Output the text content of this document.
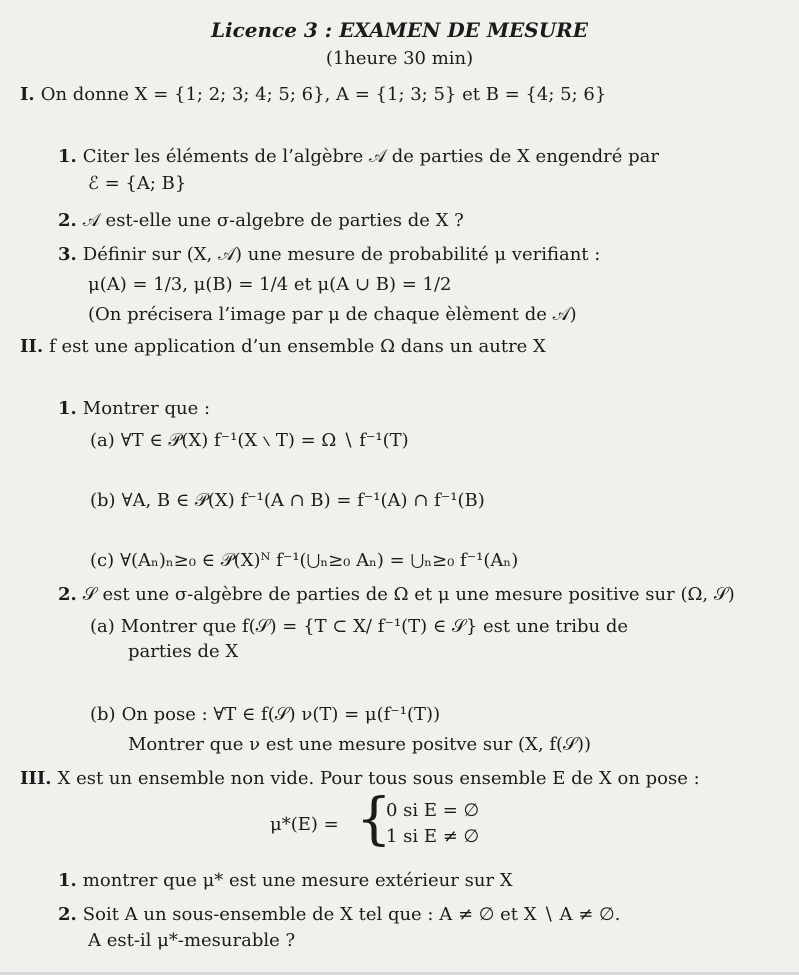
Licence 3 : EXAMEN DE MESURE
(1heure 30 min)
I. On donne X = {1; 2; 3; 4; 5; 6}, A = {1; 3; 5} et B = {4; 5; 6}
1. Citer les éléments de l’algèbre 𝒜 de parties de X engendré par
ℰ = {A; B}
2. 𝒜 est-elle une σ-algebre de parties de X ?
3. Définir sur (X, 𝒜) une mesure de probabilité μ verifiant :
μ(A) = 1/3, μ(B) = 1/4 et μ(A ∪ B) = 1/2
(On précisera l’image par μ de chaque èlèment de 𝒜)
II. f est une application d’un ensemble Ω dans un autre X
1. Montrer que :
(a) ∀T ∈ 𝒫(X) f⁻¹(X ∖ T) = Ω ∖ f⁻¹(T)
(b) ∀A, B ∈ 𝒫(X) f⁻¹(A ∩ B) = f⁻¹(A) ∩ f⁻¹(B)
(c) ∀(Aₙ)ₙ≥₀ ∈ 𝒫(X)ᴺ f⁻¹(⋃ₙ≥₀ Aₙ) = ⋃ₙ≥₀ f⁻¹(Aₙ)
2. 𝒮 est une σ-algèbre de parties de Ω et μ une mesure positive sur (Ω, 𝒮)
(a) Montrer que f(𝒮) = {T ⊂ X/ f⁻¹(T) ∈ 𝒮} est une tribu de
parties de X
(b) On pose : ∀T ∈ f(𝒮) ν(T) = μ(f⁻¹(T))
Montrer que ν est une mesure positve sur (X, f(𝒮))
III. X est un ensemble non vide. Pour tous sous ensemble E de X on pose :
μ*(E) = {
0 si E = ∅
1 si E ≠ ∅
1. montrer que μ* est une mesure extérieur sur X
2. Soit A un sous-ensemble de X tel que : A ≠ ∅ et X ∖ A ≠ ∅.
A est-il μ*-mesurable ?
